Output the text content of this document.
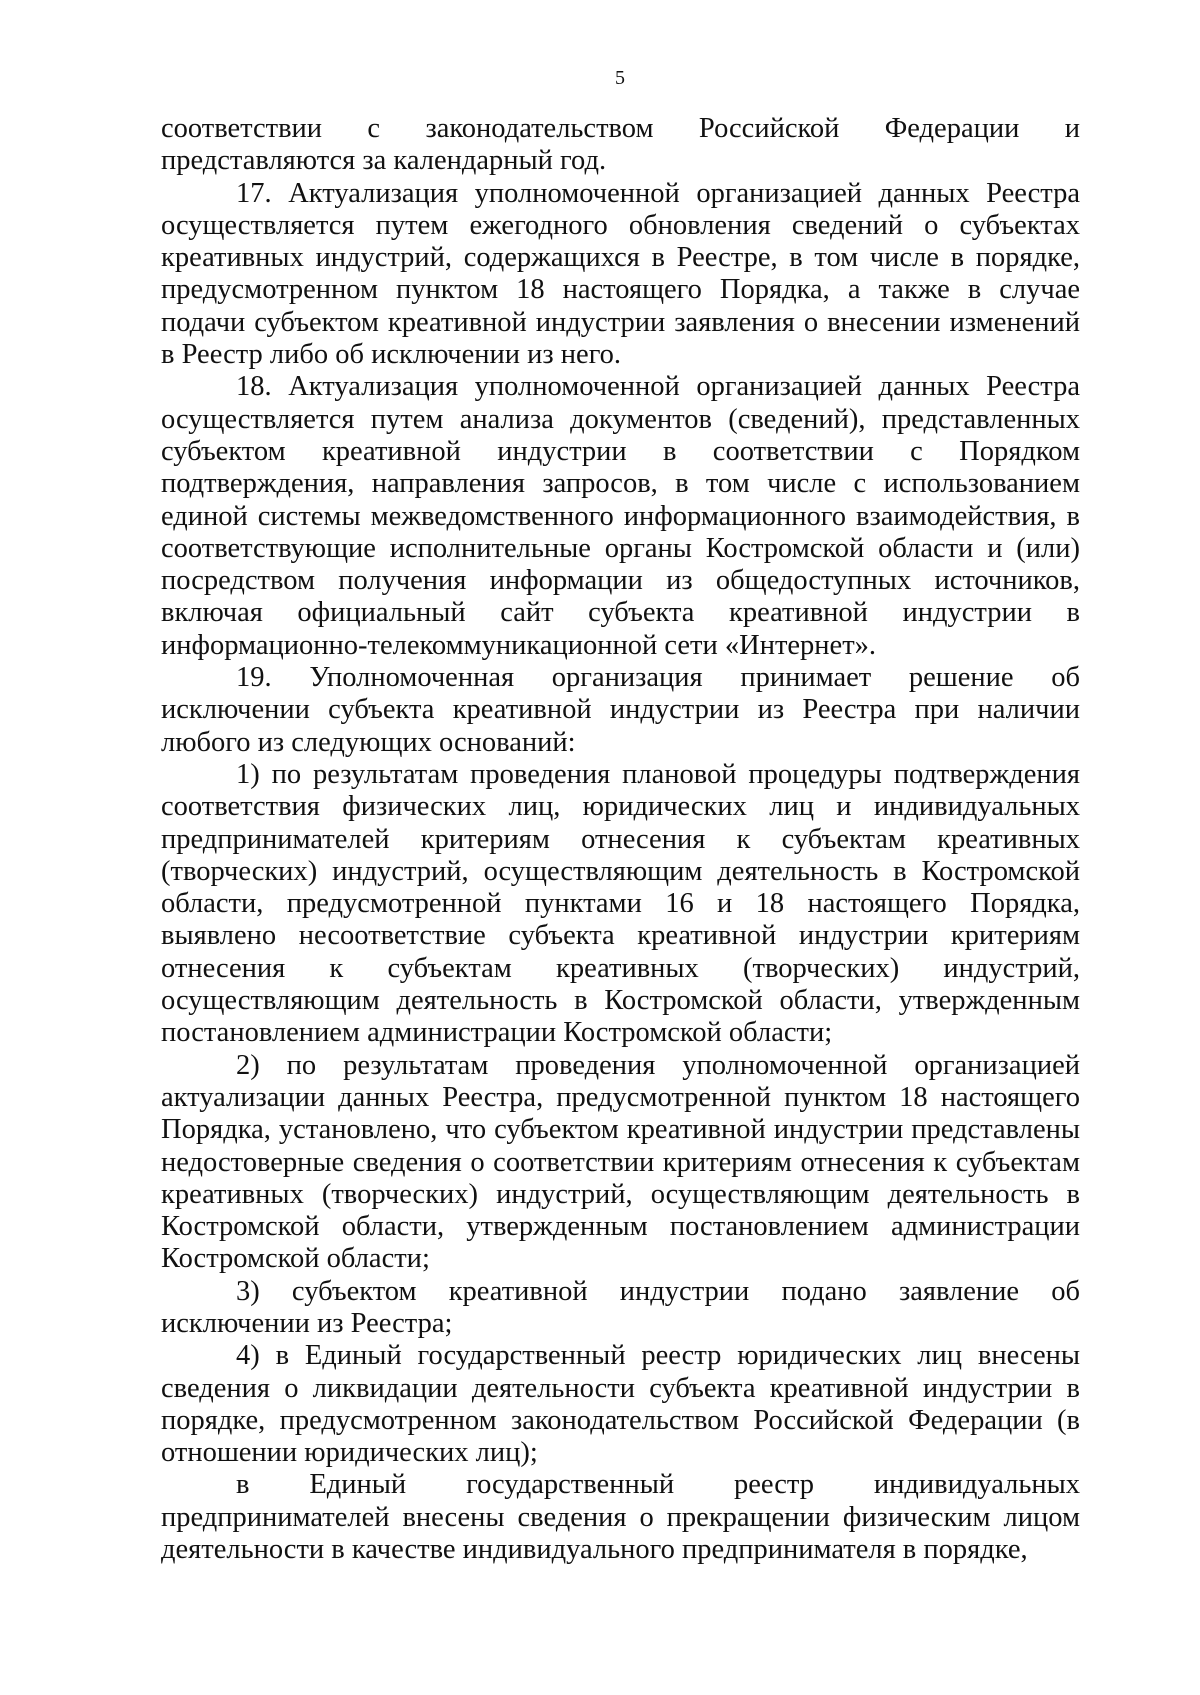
5

соответствии с законодательством Российской Федерации и представляются за календарный год.

17. Актуализация уполномоченной организацией данных Реестра осуществляется путем ежегодного обновления сведений о субъектах креативных индустрий, содержащихся в Реестре, в том числе в порядке, предусмотренном пунктом 18 настоящего Порядка, а также в случае подачи субъектом креативной индустрии заявления о внесении изменений в Реестр либо об исключении из него.

18. Актуализация уполномоченной организацией данных Реестра осуществляется путем анализа документов (сведений), представленных субъектом креативной индустрии в соответствии с Порядком подтверждения, направления запросов, в том числе с использованием единой системы межведомственного информационного взаимодействия, в соответствующие исполнительные органы Костромской области и (или) посредством получения информации из общедоступных источников, включая официальный сайт субъекта креативной индустрии в информационно-телекоммуникационной сети «Интернет».

19. Уполномоченная организация принимает решение об исключении субъекта креативной индустрии из Реестра при наличии любого из следующих оснований:

1) по результатам проведения плановой процедуры подтверждения соответствия физических лиц, юридических лиц и индивидуальных предпринимателей критериям отнесения к субъектам креативных (творческих) индустрий, осуществляющим деятельность в Костромской области, предусмотренной пунктами 16 и 18 настоящего Порядка, выявлено несоответствие субъекта креативной индустрии критериям отнесения к субъектам креативных (творческих) индустрий, осуществляющим деятельность в Костромской области, утвержденным постановлением администрации Костромской области;

2) по результатам проведения уполномоченной организацией актуализации данных Реестра, предусмотренной пунктом 18 настоящего Порядка, установлено, что субъектом креативной индустрии представлены недостоверные сведения о соответствии критериям отнесения к субъектам креативных (творческих) индустрий, осуществляющим деятельность в Костромской области, утвержденным постановлением администрации Костромской области;

3) субъектом креативной индустрии подано заявление об исключении из Реестра;

4) в Единый государственный реестр юридических лиц внесены сведения о ликвидации деятельности субъекта креативной индустрии в порядке, предусмотренном законодательством Российской Федерации (в отношении юридических лиц);

в Единый государственный реестр индивидуальных предпринимателей внесены сведения о прекращении физическим лицом деятельности в качестве индивидуального предпринимателя в порядке,
